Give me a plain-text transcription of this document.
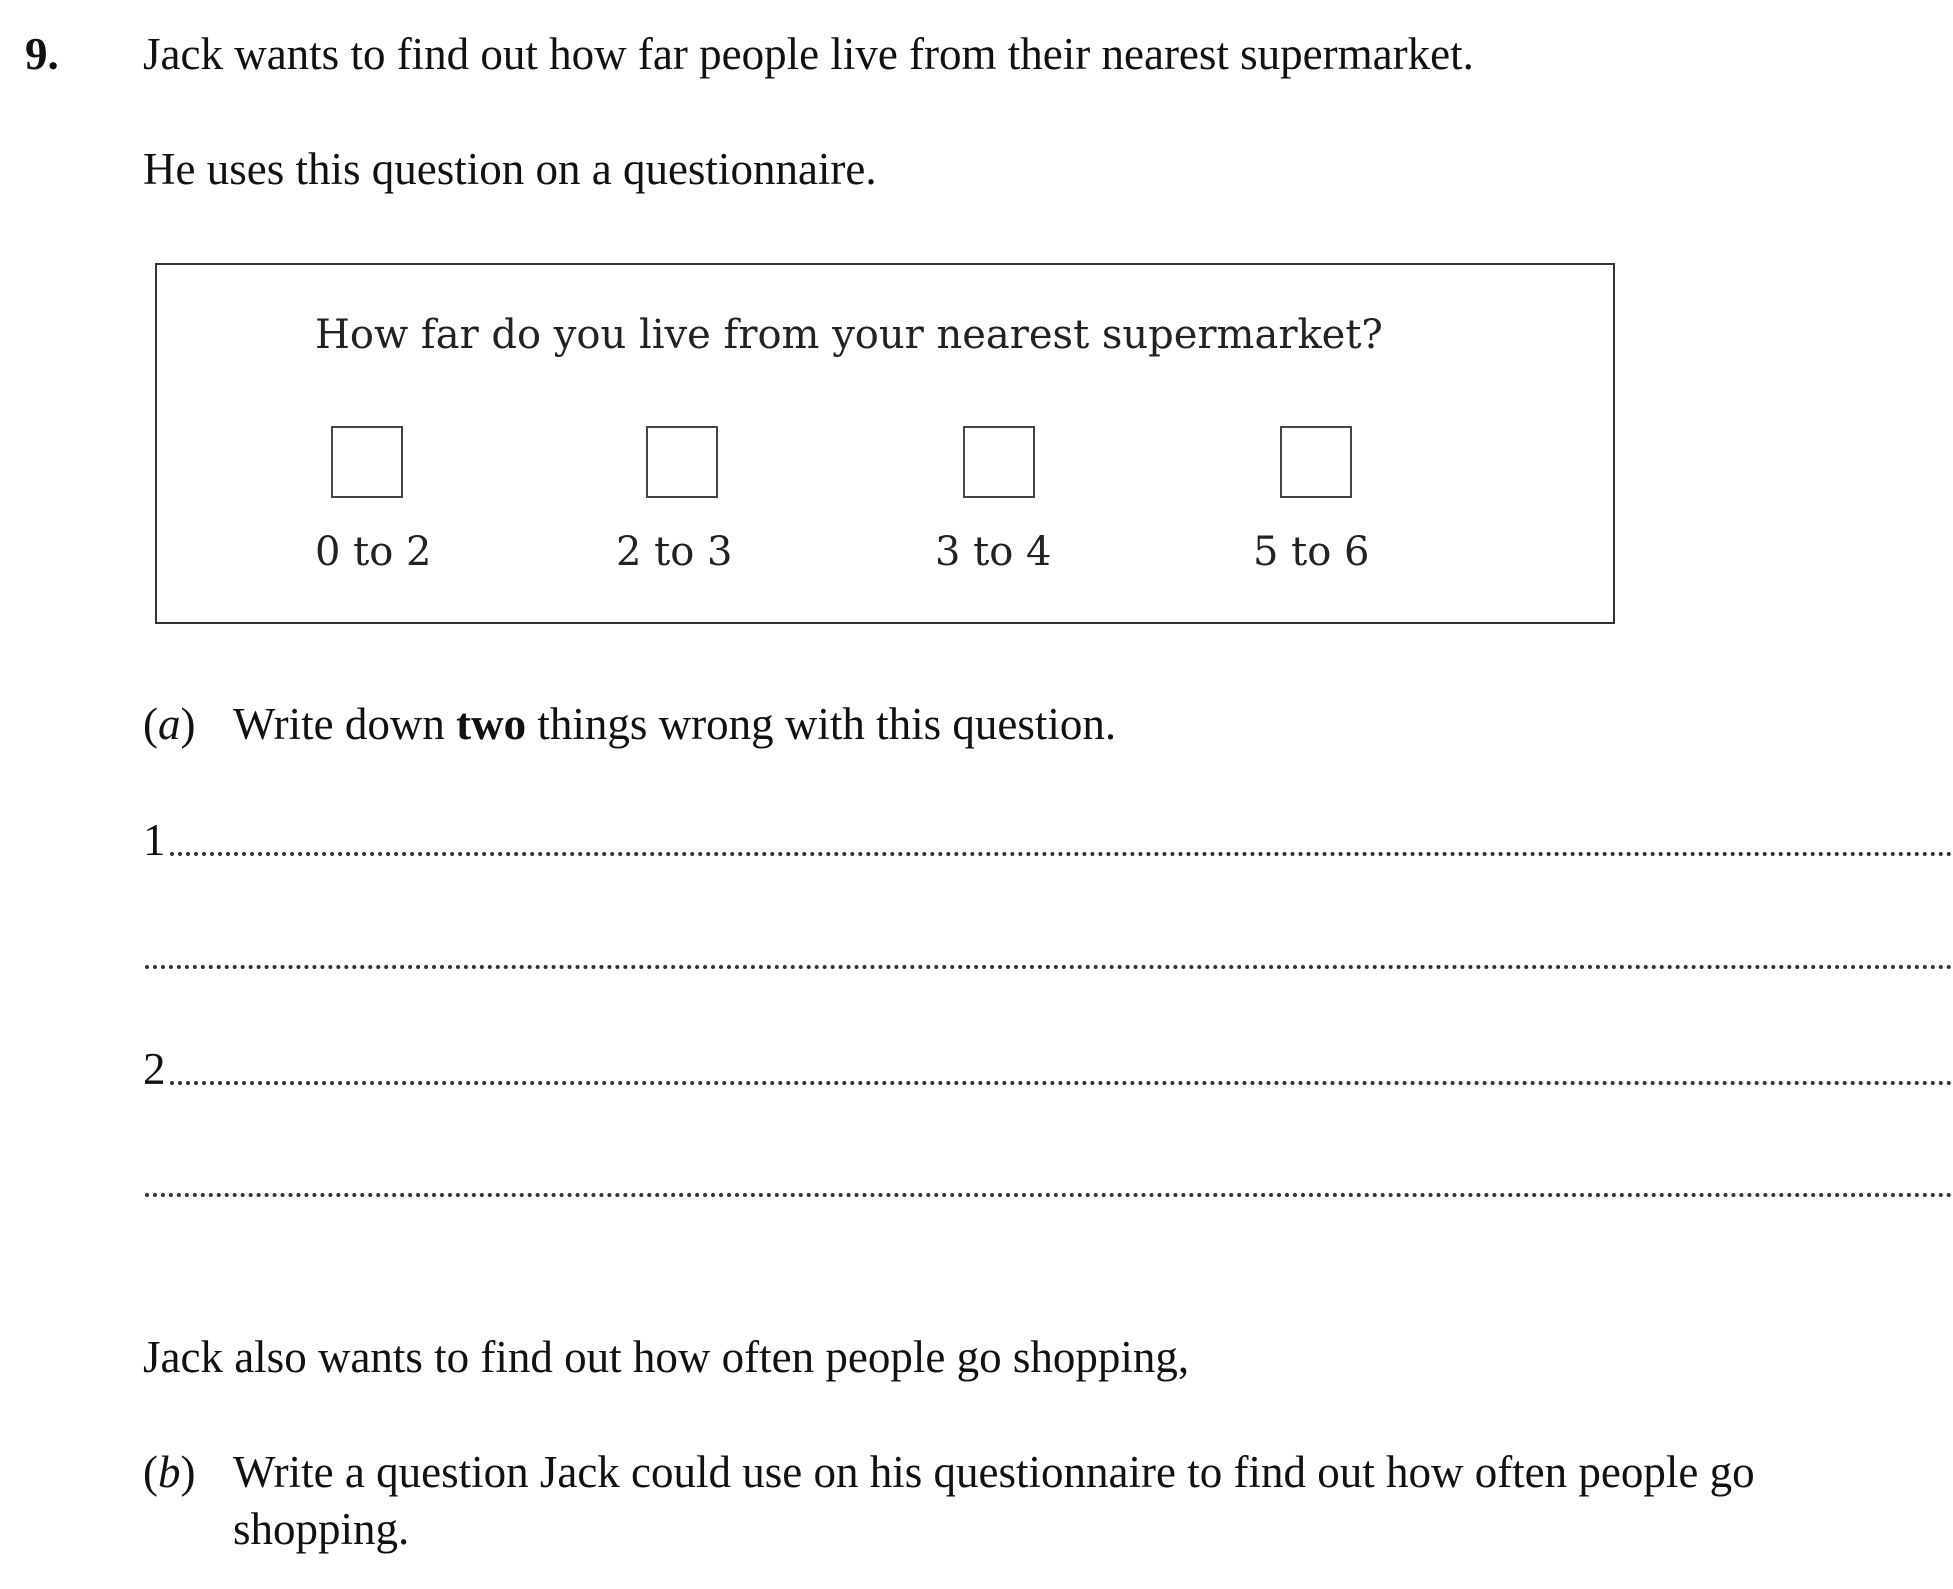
9. Jack wants to find out how far people live from their nearest supermarket.
He uses this question on a questionnaire.
How far do you live from your nearest supermarket?
0 to 2	2 to 3	3 to 4	5 to 6
(a) Write down two things wrong with this question.
1
2
Jack also wants to find out how often people go shopping,
(b) Write a question Jack could use on his questionnaire to find out how often people go
shopping.
